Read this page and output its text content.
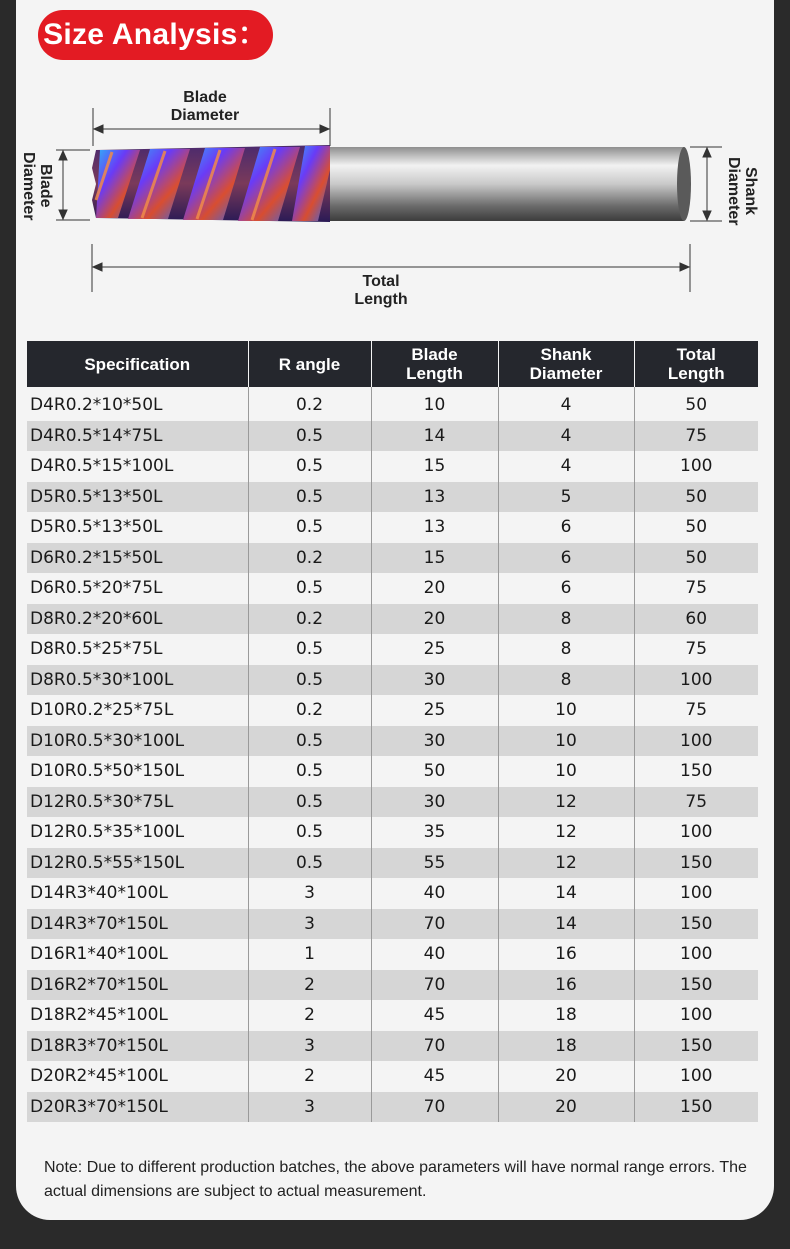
Size Analysis：
Blade
Diameter
Blade
Diameter	Shank
Diameter
Total
Length
Specification	R angle	Blade Length	Shank Diameter	Total Length
D4R0.2*10*50L	0.2	10	4	50
D4R0.5*14*75L	0.5	14	4	75
D4R0.5*15*100L	0.5	15	4	100
D5R0.5*13*50L	0.5	13	5	50
D5R0.5*13*50L	0.5	13	6	50
D6R0.2*15*50L	0.2	15	6	50
D6R0.5*20*75L	0.5	20	6	75
D8R0.2*20*60L	0.2	20	8	60
D8R0.5*25*75L	0.5	25	8	75
D8R0.5*30*100L	0.5	30	8	100
D10R0.2*25*75L	0.2	25	10	75
D10R0.5*30*100L	0.5	30	10	100
D10R0.5*50*150L	0.5	50	10	150
D12R0.5*30*75L	0.5	30	12	75
D12R0.5*35*100L	0.5	35	12	100
D12R0.5*55*150L	0.5	55	12	150
D14R3*40*100L	3	40	14	100
D14R3*70*150L	3	70	14	150
D16R1*40*100L	1	40	16	100
D16R2*70*150L	2	70	16	150
D18R2*45*100L	2	45	18	100
D18R3*70*150L	3	70	18	150
D20R2*45*100L	2	45	20	100
D20R3*70*150L	3	70	20	150
Note: Due to different production batches, the above parameters will have normal range errors. The actual dimensions are subject to actual measurement.
